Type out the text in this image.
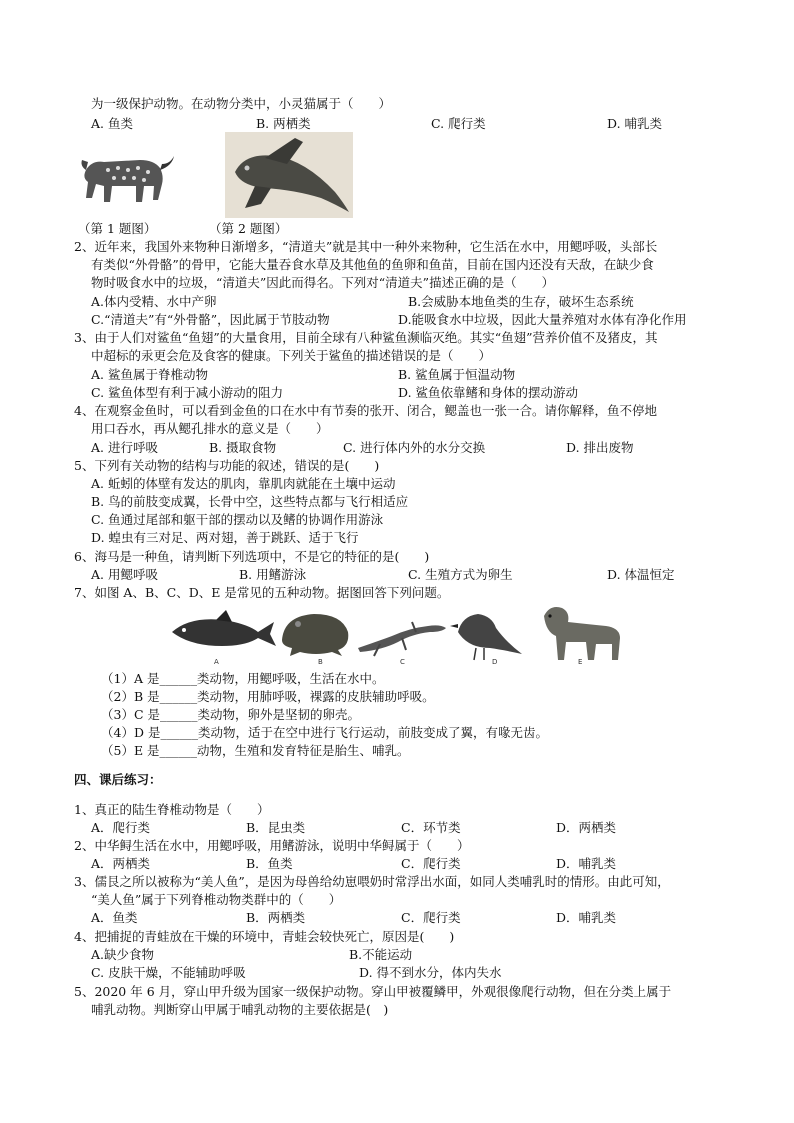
为一级保护动物。在动物分类中，小灵猫属于（　　）
A. 鱼类	B. 两栖类	C. 爬行类	D. 哺乳类
（第 1 题图）	（第 2 题图）
2、近年来，我国外来物种日渐增多，“清道夫”就是其中一种外来物种，它生活在水中，用鳃呼吸，头部长
有类似“外骨骼”的骨甲，它能大量吞食水草及其他鱼的鱼卵和鱼苗，目前在国内还没有天敌，在缺少食
物时吸食水中的垃圾，“清道夫”因此而得名。下列对“清道夫”描述正确的是（　　）
A.体内受精、水中产卵	B.会威胁本地鱼类的生存，破坏生态系统
C.“清道夫”有“外骨骼”，因此属于节肢动物	D.能吸食水中垃圾，因此大量养殖对水体有净化作用
3、由于人们对鲨鱼“鱼翅”的大量食用，目前全球有八种鲨鱼濒临灭绝。其实“鱼翅”营养价值不及猪皮，其
中超标的汞更会危及食客的健康。下列关于鲨鱼的描述错误的是（　　）
A. 鲨鱼属于脊椎动物	B. 鲨鱼属于恒温动物
C. 鲨鱼体型有利于减小游动的阻力	D. 鲨鱼依靠鳍和身体的摆动游动
4、在观察金鱼时，可以看到金鱼的口在水中有节奏的张开、闭合，鳃盖也一张一合。请你解释，鱼不停地
用口吞水，再从鳃孔排水的意义是（　　）
A. 进行呼吸	B. 摄取食物	C. 进行体内外的水分交换	D. 排出废物
5、下列有关动物的结构与功能的叙述，错误的是(　　)
A. 蚯蚓的体壁有发达的肌肉，靠肌肉就能在土壤中运动
B. 鸟的前肢变成翼，长骨中空，这些特点都与飞行相适应
C. 鱼通过尾部和躯干部的摆动以及鳍的协调作用游泳
D. 蝗虫有三对足、两对翅，善于跳跃、适于飞行
6、海马是一种鱼，请判断下列选项中，不是它的特征的是(　　)
A. 用鳃呼吸	B. 用鳍游泳	C. 生殖方式为卵生	D. 体温恒定
7、如图 A、B、C、D、E 是常见的五种动物。据图回答下列问题。
A	B	C	D	E
（1）A 是______类动物，用鳃呼吸，生活在水中。
（2）B 是______类动物，用肺呼吸，裸露的皮肤辅助呼吸。
（3）C 是______类动物，卵外是坚韧的卵壳。
（4）D 是______类动物，适于在空中进行飞行运动，前肢变成了翼，有喙无齿。
（5）E 是______动物，生殖和发育特征是胎生、哺乳。
四、课后练习：
1、真正的陆生脊椎动物是（　　）
A．爬行类	B．昆虫类	C．环节类	D．两栖类
2、中华鲟生活在水中，用鳃呼吸，用鳍游泳，说明中华鲟属于（　　）
A．两栖类	B．鱼类	C．爬行类	D．哺乳类
3、儒艮之所以被称为“美人鱼”，是因为母兽给幼崽喂奶时常浮出水面，如同人类哺乳时的情形。由此可知，
“美人鱼”属于下列脊椎动物类群中的（　　）
A．鱼类	B．两栖类	C．爬行类	D．哺乳类
4、把捕捉的青蛙放在干燥的环境中，青蛙会较快死亡，原因是(　　)
A.缺少食物	B.不能运动
C. 皮肤干燥，不能辅助呼吸	D. 得不到水分，体内失水
5、2020 年 6 月，穿山甲升级为国家一级保护动物。穿山甲被覆鳞甲，外观很像爬行动物，但在分类上属于
哺乳动物。判断穿山甲属于哺乳动物的主要依据是(　)
